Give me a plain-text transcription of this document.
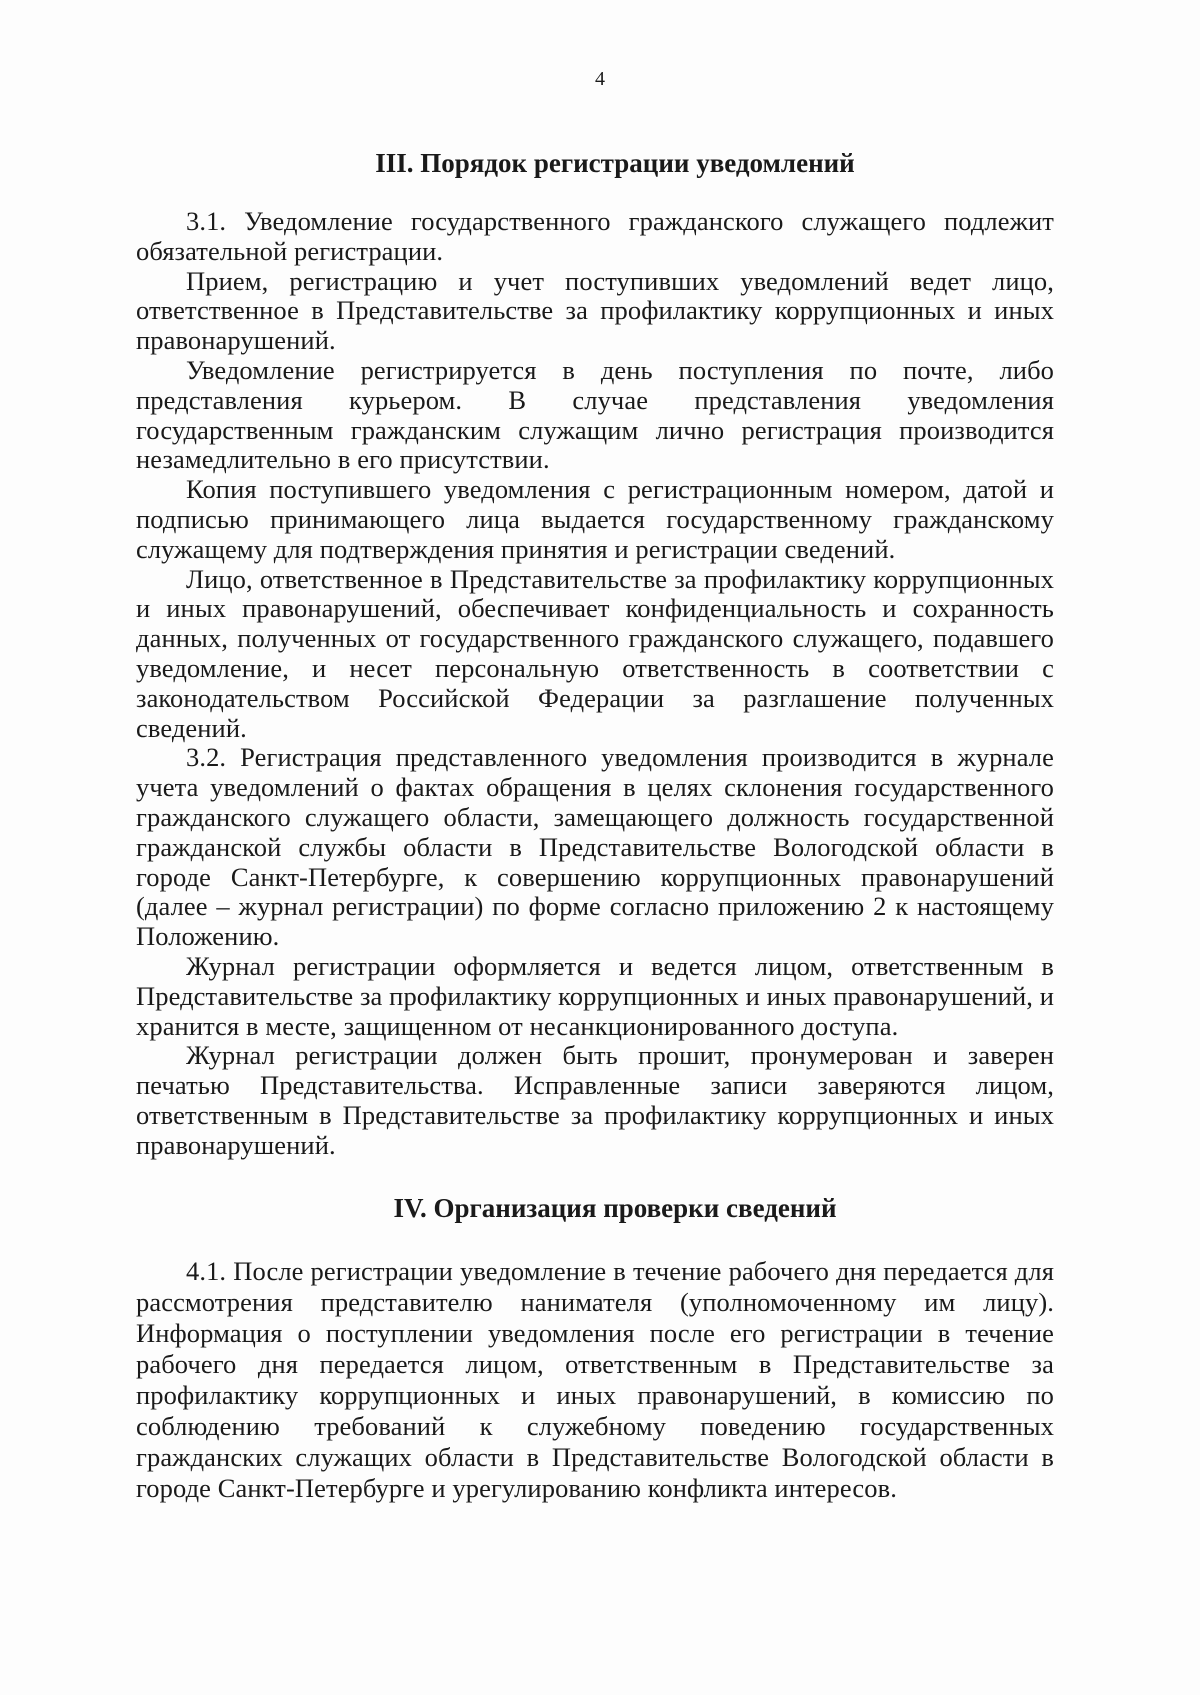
4
III. Порядок регистрации уведомлений

3.1. Уведомление государственного гражданского служащего подлежит обязательной регистрации.

Прием, регистрацию и учет поступивших уведомлений ведет лицо, ответственное в Представительстве за профилактику коррупционных и иных правонарушений.

Уведомление регистрируется в день поступления по почте, либо представления курьером. В случае представления уведомления государственным гражданским служащим лично регистрация производится незамедлительно в его присутствии.

Копия поступившего уведомления с регистрационным номером, датой и подписью принимающего лица выдается государственному гражданскому служащему для подтверждения принятия и регистрации сведений.

Лицо, ответственное в Представительстве за профилактику коррупционных и иных правонарушений, обеспечивает конфиденциальность и сохранность данных, полученных от государственного гражданского служащего, подавшего уведомление, и несет персональную ответственность в соответствии с законодательством Российской Федерации за разглашение полученных сведений.

3.2. Регистрация представленного уведомления производится в журнале учета уведомлений о фактах обращения в целях склонения государственного гражданского служащего области, замещающего должность государственной гражданской службы области в Представительстве Вологодской области в городе Санкт-Петербурге, к совершению коррупционных правонарушений (далее – журнал регистрации) по форме согласно приложению 2 к настоящему Положению.

Журнал регистрации оформляется и ведется лицом, ответственным в Представительстве за профилактику коррупционных и иных правонарушений, и хранится в месте, защищенном от несанкционированного доступа.

Журнал регистрации должен быть прошит, пронумерован и заверен печатью Представительства. Исправленные записи заверяются лицом, ответственным в Представительстве за профилактику коррупционных и иных правонарушений.

IV. Организация проверки сведений

4.1. После регистрации уведомление в течение рабочего дня передается для рассмотрения представителю нанимателя (уполномоченному им лицу). Информация о поступлении уведомления после его регистрации в течение рабочего дня передается лицом, ответственным в Представительстве за профилактику коррупционных и иных правонарушений, в комиссию по соблюдению требований к служебному поведению государственных гражданских служащих области в Представительстве Вологодской области в городе Санкт-Петербурге и урегулированию конфликта интересов.
